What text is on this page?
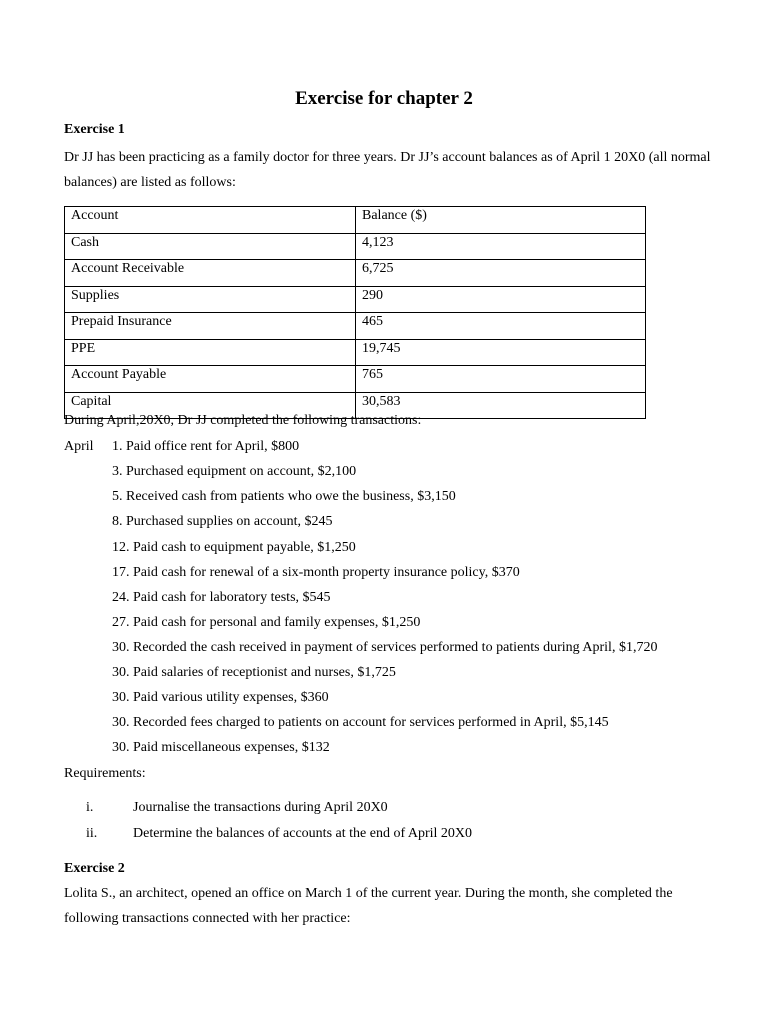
Exercise for chapter 2
Exercise 1
Dr JJ has been practicing as a family doctor for three years. Dr JJ’s account balances as of April 1 20X0 (all normal balances) are listed as follows:
Account	Balance ($)
Cash	4,123
Account Receivable	6,725
Supplies	290
Prepaid Insurance	465
PPE	19,745
Account Payable	765
Capital	30,583
During April,20X0, Dr JJ completed the following transactions:
April 1. Paid office rent for April, $800
3. Purchased equipment on account, $2,100
5. Received cash from patients who owe the business, $3,150
8. Purchased supplies on account, $245
12. Paid cash to equipment payable, $1,250
17. Paid cash for renewal of a six-month property insurance policy, $370
24. Paid cash for laboratory tests, $545
27. Paid cash for personal and family expenses, $1,250
30. Recorded the cash received in payment of services performed to patients during April, $1,720
30. Paid salaries of receptionist and nurses, $1,725
30. Paid various utility expenses, $360
30. Recorded fees charged to patients on account for services performed in April, $5,145
30. Paid miscellaneous expenses, $132
Requirements:
i.	Journalise the transactions during April 20X0
ii.	Determine the balances of accounts at the end of April 20X0
Exercise 2
Lolita S., an architect, opened an office on March 1 of the current year. During the month, she completed the following transactions connected with her practice:
